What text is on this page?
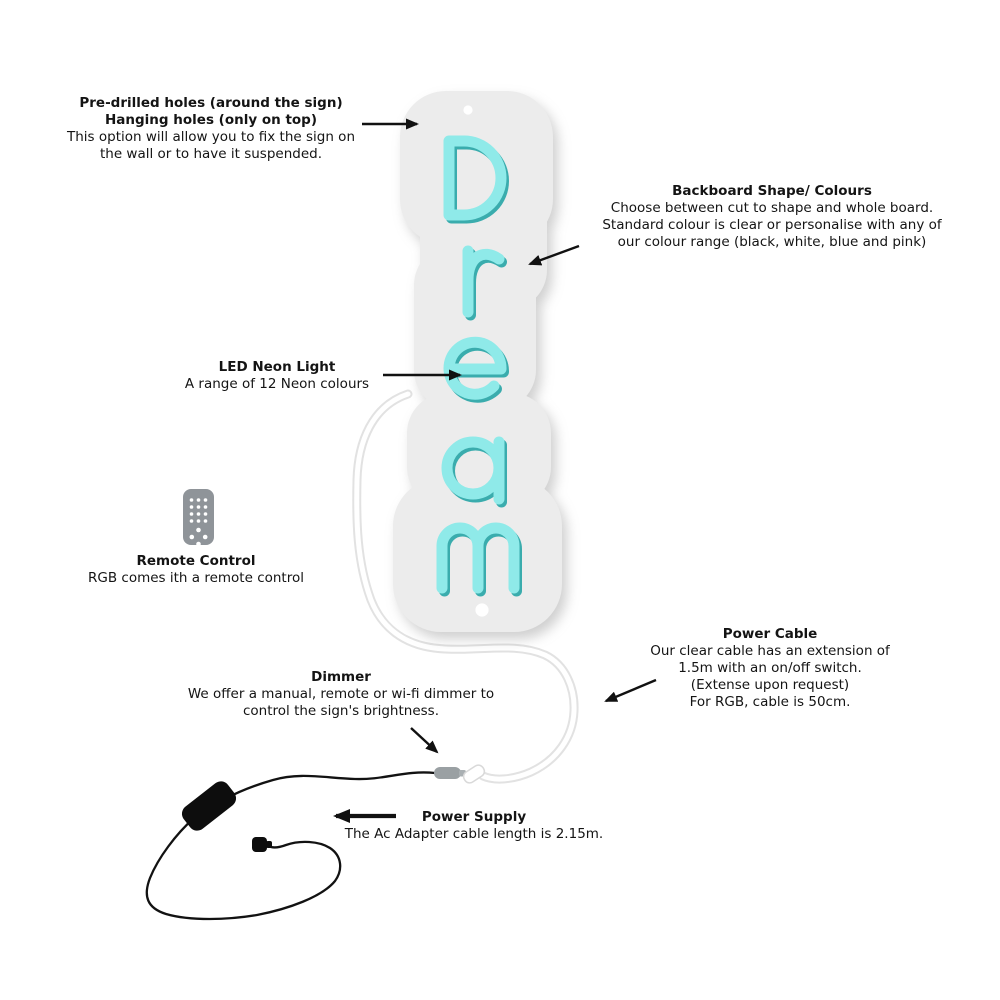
Pre-drilled holes (around the sign)
Hanging holes (only on top)
This option will allow you to fix the sign on
the wall or to have it suspended.
Backboard Shape/ Colours
Choose between cut to shape and whole board.
Standard colour is clear or personalise with any of
our colour range (black, white, blue and pink)
LED Neon Light
A range of 12 Neon colours
Remote Control
RGB comes ith a remote control
Power Cable
Our clear cable has an extension of
1.5m with an on/off switch.
(Extense upon request)
For RGB, cable is 50cm.
Dimmer
We offer a manual, remote or wi-fi dimmer to
control the sign's brightness.
Power Supply
The Ac Adapter cable length is 2.15m.
